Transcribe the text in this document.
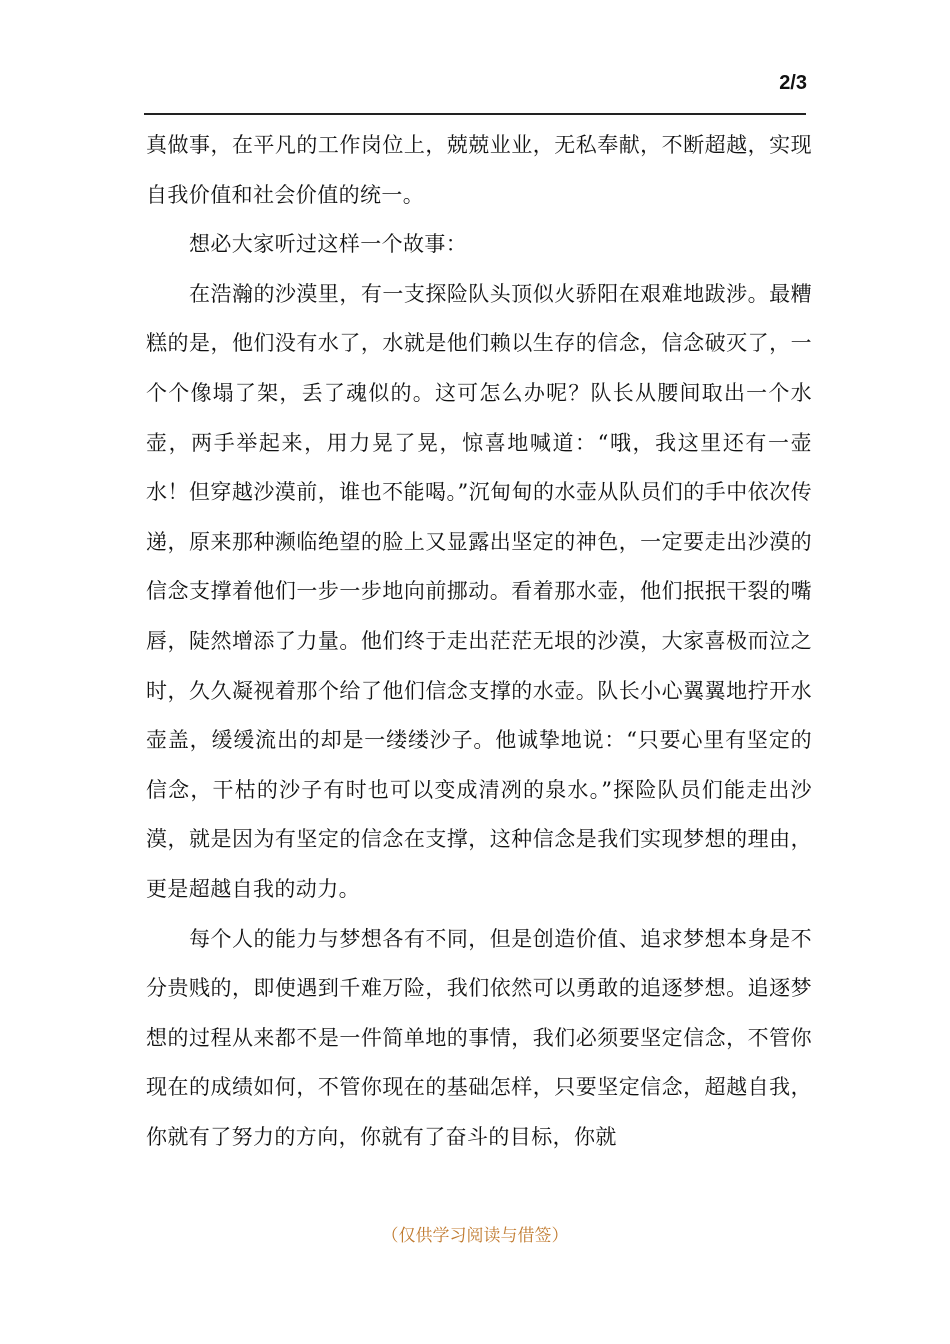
2/3

真做事，在平凡的工作岗位上，兢兢业业，无私奉献，不断超越，实现自我价值和社会价值的统一。

想必大家听过这样一个故事：

在浩瀚的沙漠里，有一支探险队头顶似火骄阳在艰难地跋涉。最糟糕的是，他们没有水了，水就是他们赖以生存的信念，信念破灭了，一个个像塌了架，丢了魂似的。这可怎么办呢？队长从腰间取出一个水壶，两手举起来，用力晃了晃，惊喜地喊道：“哦，我这里还有一壶水！但穿越沙漠前，谁也不能喝。”沉甸甸的水壶从队员们的手中依次传递，原来那种濒临绝望的脸上又显露出坚定的神色，一定要走出沙漠的信念支撑着他们一步一步地向前挪动。看着那水壶，他们抿抿干裂的嘴唇，陡然增添了力量。他们终于走出茫茫无垠的沙漠，大家喜极而泣之时，久久凝视着那个给了他们信念支撑的水壶。队长小心翼翼地拧开水壶盖，缓缓流出的却是一缕缕沙子。他诚挚地说：“只要心里有坚定的信念，干枯的沙子有时也可以变成清冽的泉水。”探险队员们能走出沙漠，就是因为有坚定的信念在支撑，这种信念是我们实现梦想的理由，更是超越自我的动力。

每个人的能力与梦想各有不同，但是创造价值、追求梦想本身是不分贵贱的，即使遇到千难万险，我们依然可以勇敢的追逐梦想。追逐梦想的过程从来都不是一件简单地的事情，我们必须要坚定信念，不管你现在的成绩如何，不管你现在的基础怎样，只要坚定信念，超越自我，你就有了努力的方向，你就有了奋斗的目标，你就

（仅供学习阅读与借签）
